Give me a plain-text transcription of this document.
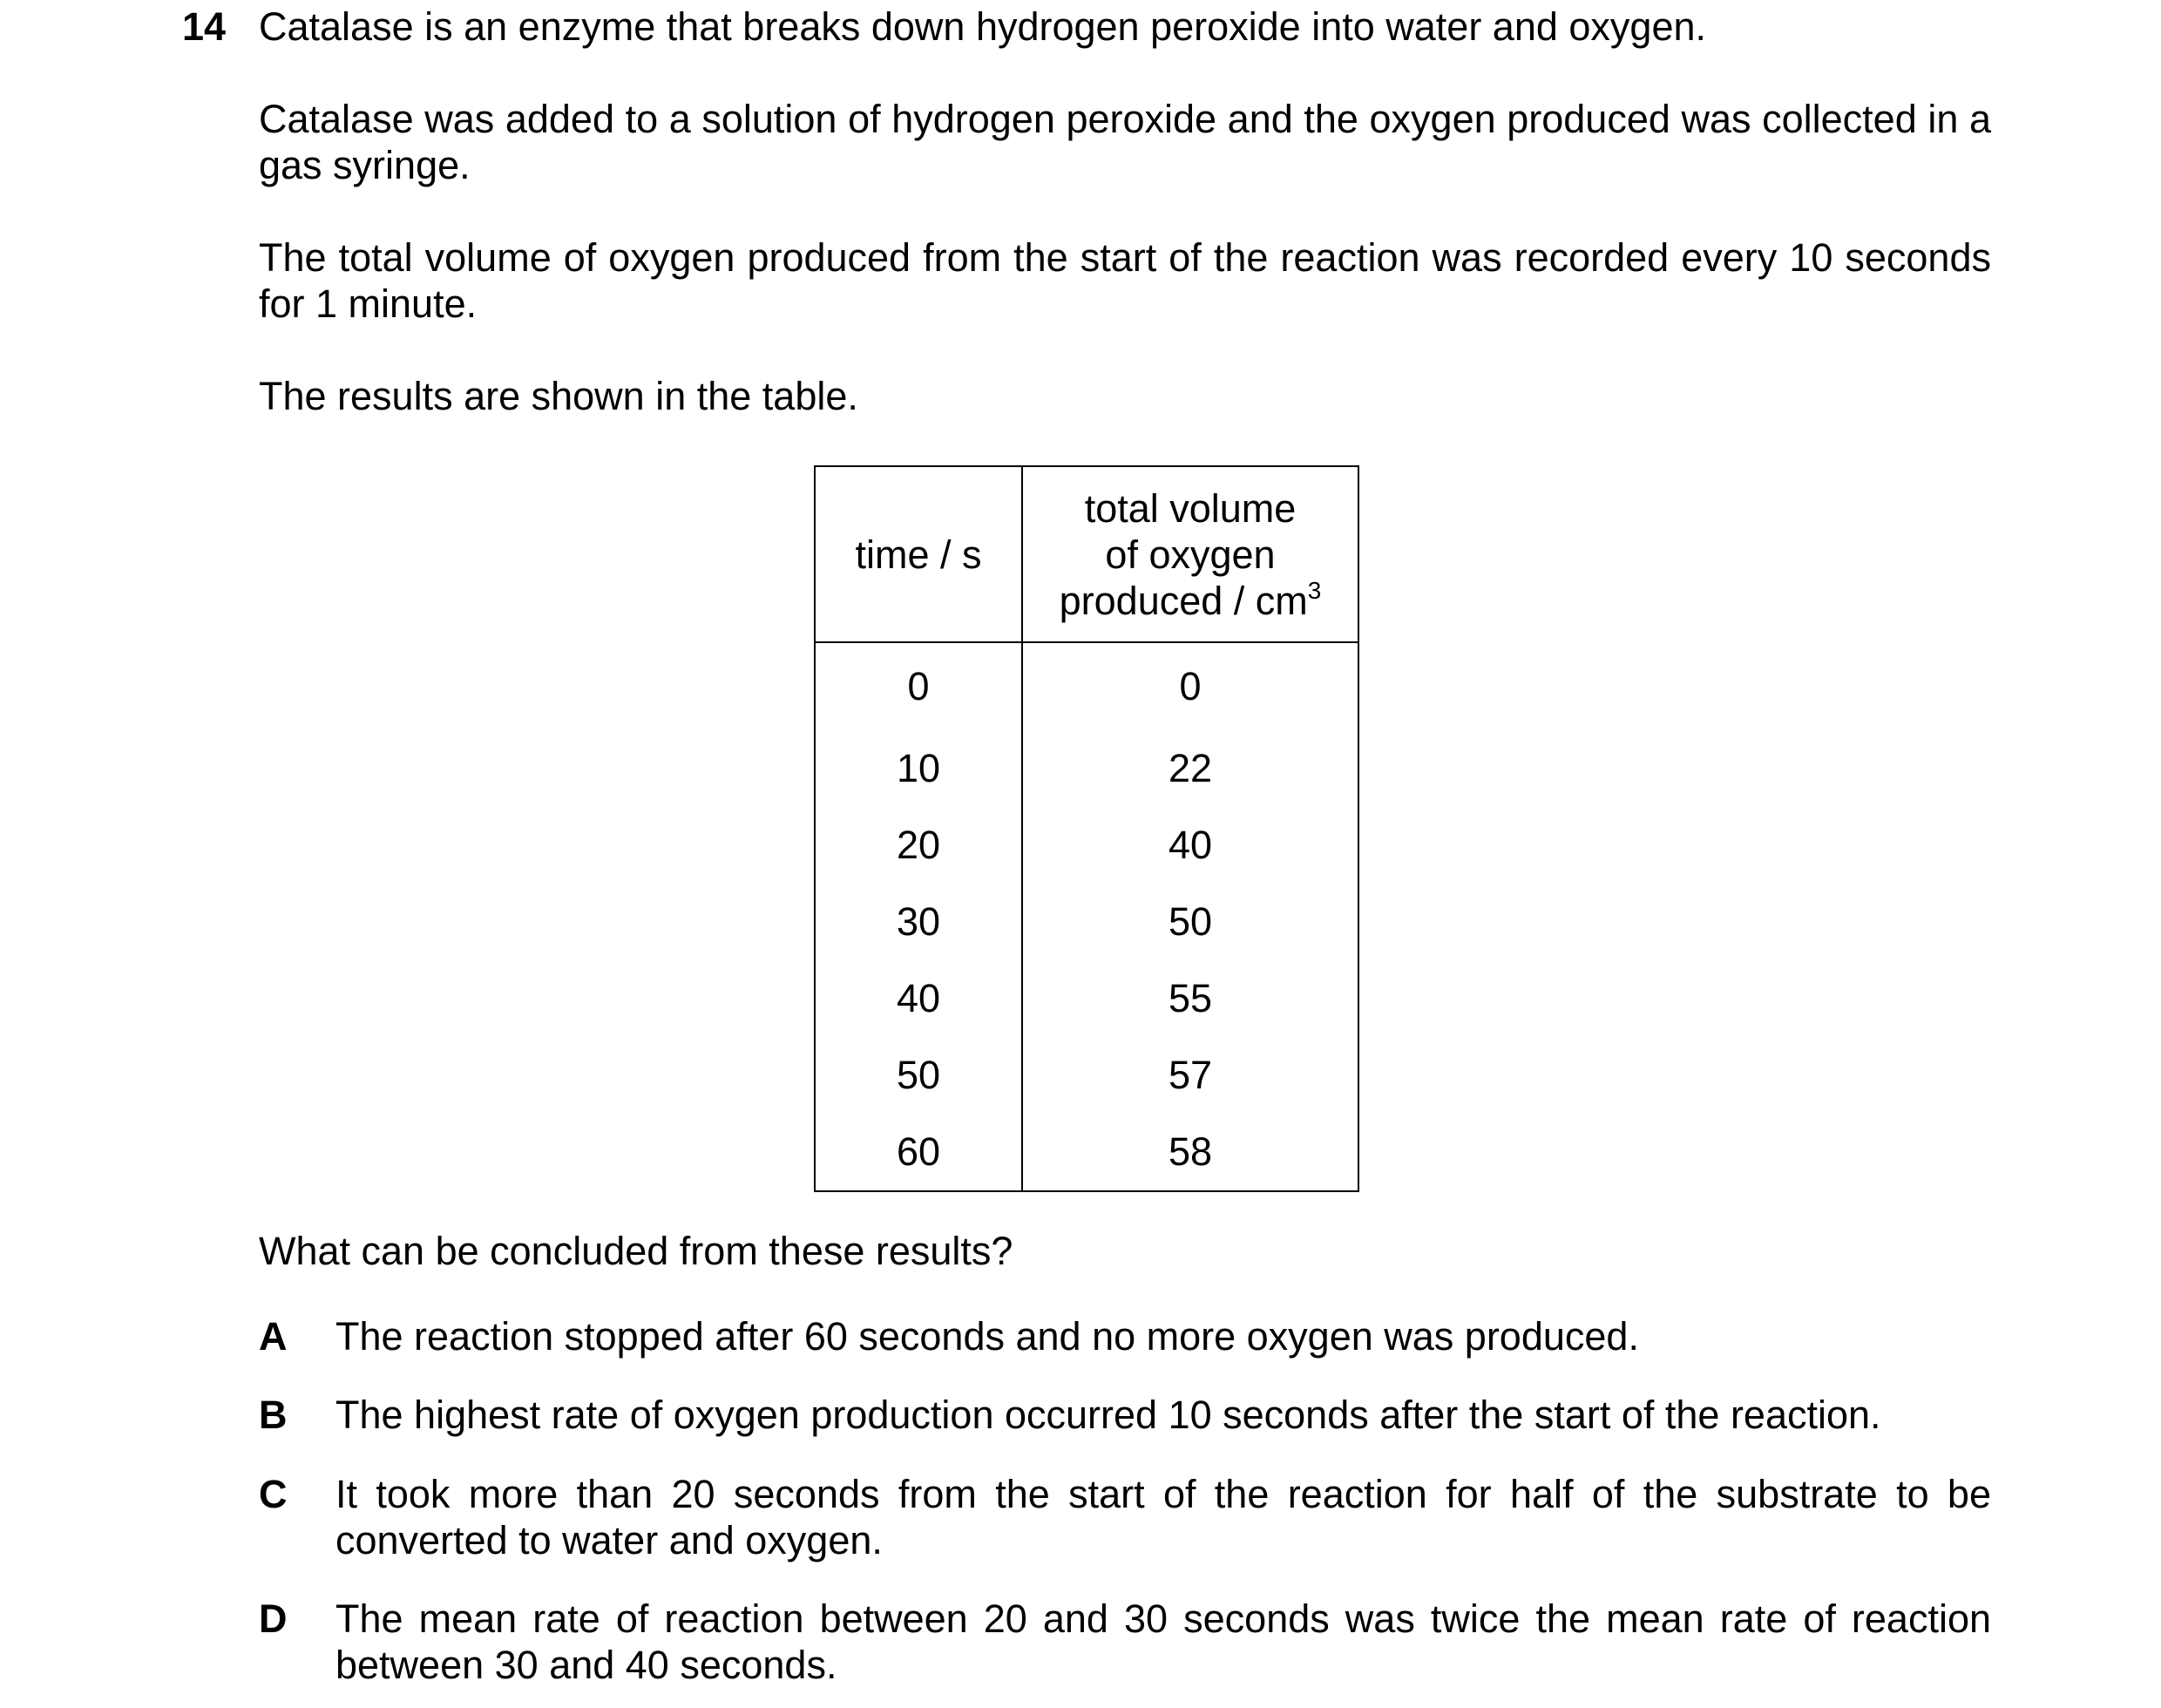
14 Catalase is an enzyme that breaks down hydrogen peroxide into water and oxygen.

Catalase was added to a solution of hydrogen peroxide and the oxygen produced was collected in a gas syringe.

The total volume of oxygen produced from the start of the reaction was recorded every 10 seconds for 1 minute.

The results are shown in the table.

time / s	total volume
of oxygen
produced / $cm^3$

0	0
10	22
20	40
30	50
40	55
50	57
60	58
What can be concluded from these results?
A The reaction stopped after 60 seconds and no more oxygen was produced.
B The highest rate of oxygen production occurred 10 seconds after the start of the reaction.
C It took more than 20 seconds from the start of the reaction for half of the substrate to be converted to water and oxygen.
D The mean rate of reaction between 20 and 30 seconds was twice the mean rate of reaction between 30 and 40 seconds.
